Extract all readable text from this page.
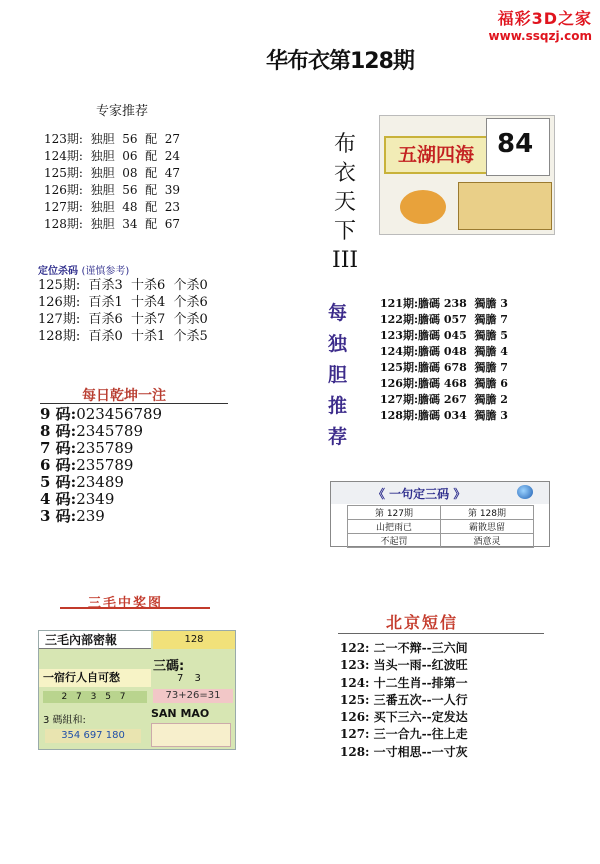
福彩3D之家
www.ssqzj.com
华布衣第128期
专家推荐
123期:  独胆  56  配  27
124期:  独胆  06  配  24
125期:  独胆  08  配  47
126期:  独胆  56  配  39
127期:  独胆  48  配  23
128期:  独胆  34  配  67
定位杀码 (谨慎参考)
125期:  百杀3  十杀6  个杀0
126期:  百杀1  十杀4  个杀6
127期:  百杀6  十杀7  个杀0
128期:  百杀0  十杀1  个杀5
每日乾坤一注
9 码:023456789
8 码:2345789
7 码:235789
6 码:235789
5 码:23489
4 码:2349
3 码:239
三毛中奖图
三毛內部密報	128
一宿行人自可愁
2 7 3 5 7
三碼:
7 3
73+26=31
3 碼組和:
354 697 180
SAN MAO
布
衣
天
下
III
五湖四海 84
每
独
胆
推
荐
121期:膽碼 238  獨膽 3
122期:膽碼 057  獨膽 7
123期:膽碼 045  獨膽 5
124期:膽碼 048  獨膽 4
125期:膽碼 678  獨膽 7
126期:膽碼 468  獨膽 6
127期:膽碼 267  獨膽 2
128期:膽碼 034  獨膽 3
《 一句定三码 》
第 127期	第 128期
山把雨已	霸散思留
不起罚	酒意灵
北京短信
122: 二一不辩--三六间
123: 当头一雨--红波旺
124: 十二生肖--排第一
125: 三番五次--一人行
126: 买下三六--定发达
127: 三一合九--往上走
128: 一寸相思--一寸灰
